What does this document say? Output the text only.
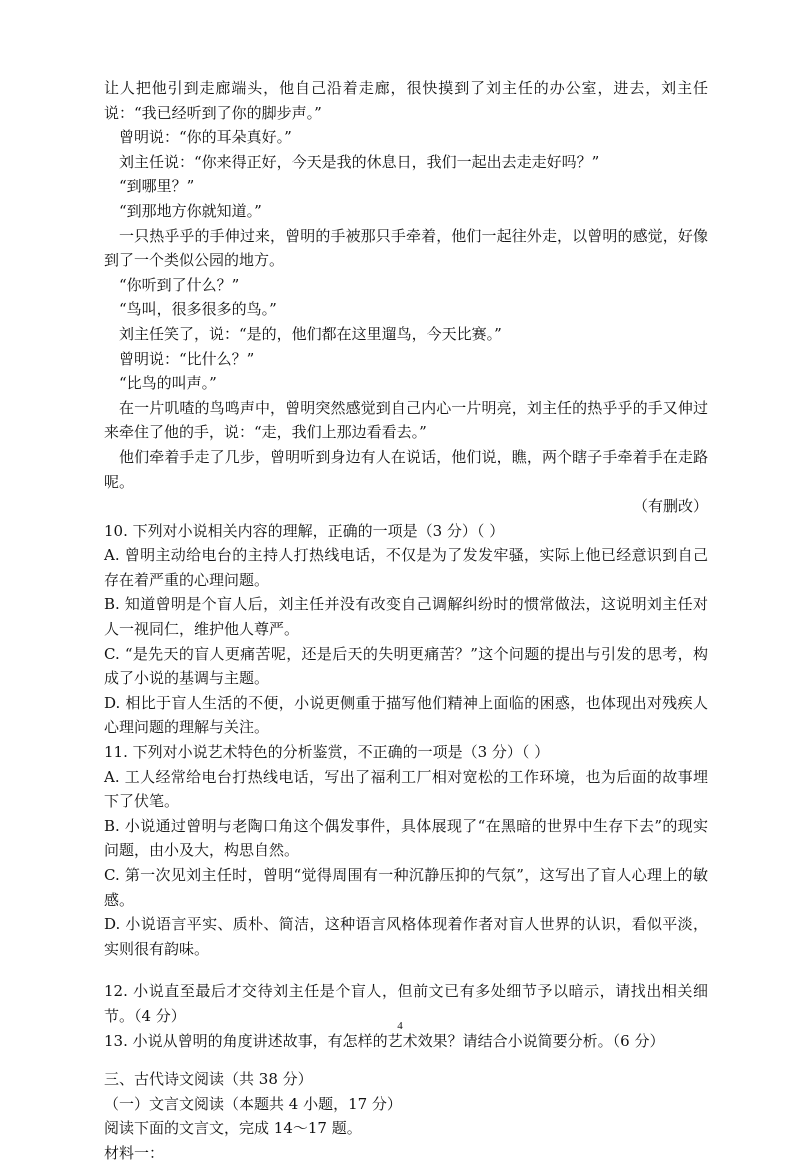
让人把他引到走廊端头，他自己沿着走廊，很快摸到了刘主任的办公室，进去，刘主任说：“我已经听到了你的脚步声。”

曾明说：“你的耳朵真好。”

刘主任说：“你来得正好，今天是我的休息日，我们一起出去走走好吗？”

“到哪里？”

“到那地方你就知道。”

一只热乎乎的手伸过来，曾明的手被那只手牵着，他们一起往外走，以曾明的感觉，好像到了一个类似公园的地方。

“你听到了什么？”

“鸟叫，很多很多的鸟。”

刘主任笑了，说：“是的，他们都在这里遛鸟，今天比赛。”

曾明说：“比什么？”

“比鸟的叫声。”

在一片叽喳的鸟鸣声中，曾明突然感觉到自己内心一片明亮，刘主任的热乎乎的手又伸过来牵住了他的手，说：“走，我们上那边看看去。”

他们牵着手走了几步，曾明听到身边有人在说话，他们说，瞧，两个瞎子手牵着手在走路呢。

（有删改）

10. 下列对小说相关内容的理解，正确的一项是（3 分）（ ）

A. 曾明主动给电台的主持人打热线电话，不仅是为了发发牢骚，实际上他已经意识到自己存在着严重的心理问题。

B. 知道曾明是个盲人后，刘主任并没有改变自己调解纠纷时的惯常做法，这说明刘主任对人一视同仁，维护他人尊严。

C. “是先天的盲人更痛苦呢，还是后天的失明更痛苦？”这个问题的提出与引发的思考，构成了小说的基调与主题。

D. 相比于盲人生活的不便，小说更侧重于描写他们精神上面临的困惑，也体现出对残疾人心理问题的理解与关注。

11. 下列对小说艺术特色的分析鉴赏，不正确的一项是（3 分）（ ）

A. 工人经常给电台打热线电话，写出了福利工厂相对宽松的工作环境，也为后面的故事埋下了伏笔。

B. 小说通过曾明与老陶口角这个偶发事件，具体展现了“在黑暗的世界中生存下去”的现实问题，由小及大，构思自然。

C. 第一次见刘主任时，曾明“觉得周围有一种沉静压抑的气氛”，这写出了盲人心理上的敏感。

D. 小说语言平实、质朴、简洁，这种语言风格体现着作者对盲人世界的认识，看似平淡，实则很有韵味。

12. 小说直至最后才交待刘主任是个盲人，但前文已有多处细节予以暗示，请找出相关细节。（4 分）

13. 小说从曾明的角度讲述故事，有怎样的艺术效果？请结合小说简要分析。（6 分）

三、古代诗文阅读（共 38 分）

（一）文言文阅读（本题共 4 小题，17 分）

阅读下面的文言文，完成 14～17 题。

材料一：

4
